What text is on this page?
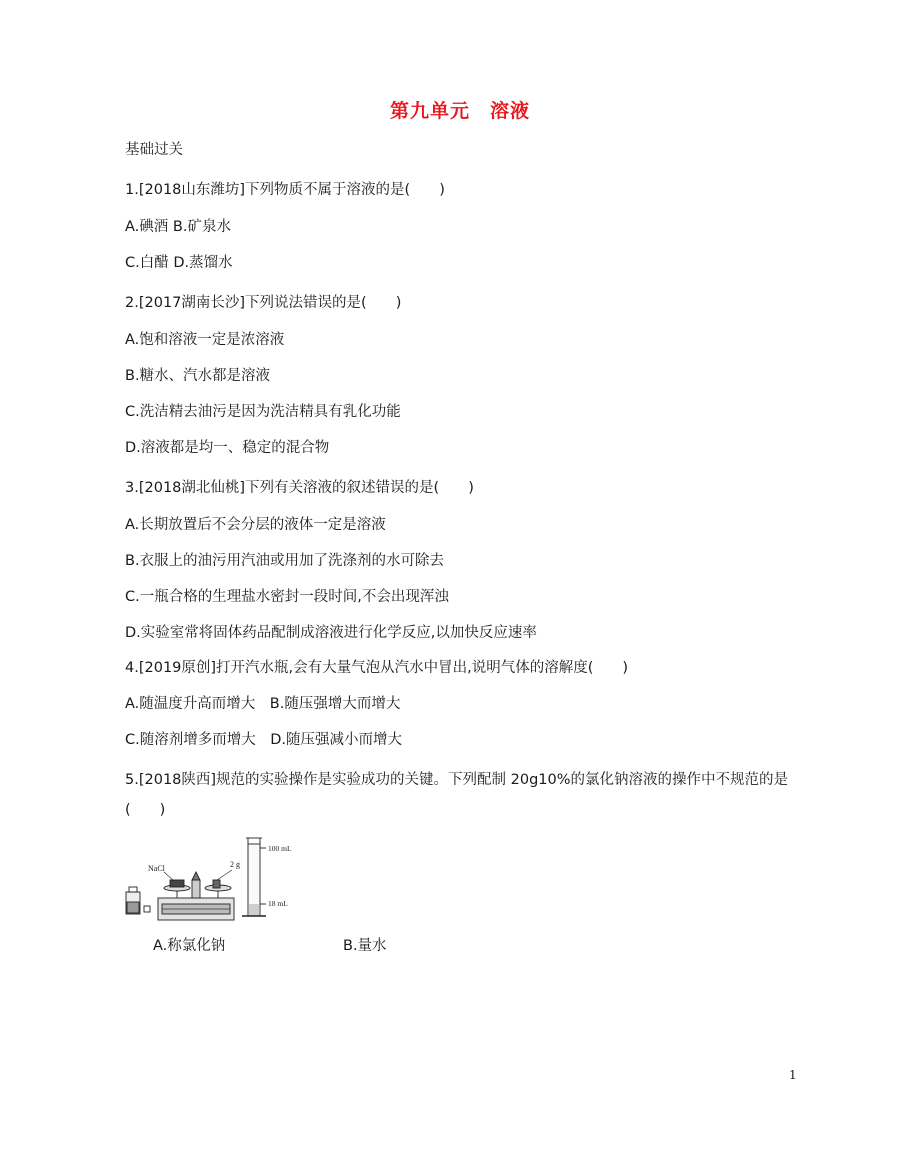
第九单元　溶液
基础过关
1.[2018山东潍坊]下列物质不属于溶液的是(　　)
A.碘酒 B.矿泉水
C.白醋 D.蒸馏水
2.[2017湖南长沙]下列说法错误的是(　　)
A.饱和溶液一定是浓溶液
B.糖水、汽水都是溶液
C.洗洁精去油污是因为洗洁精具有乳化功能
D.溶液都是均一、稳定的混合物
3.[2018湖北仙桃]下列有关溶液的叙述错误的是(　　)
A.长期放置后不会分层的液体一定是溶液
B.衣服上的油污用汽油或用加了洗涤剂的水可除去
C.一瓶合格的生理盐水密封一段时间,不会出现浑浊
D.实验室常将固体药品配制成溶液进行化学反应,以加快反应速率
4.[2019原创]打开汽水瓶,会有大量气泡从汽水中冒出,说明气体的溶解度(　　)
A.随温度升高而增大　B.随压强增大而增大
C.随溶剂增多而增大　D.随压强减小而增大
5.[2018陕西]规范的实验操作是实验成功的关键。下列配制 20g10%的氯化钠溶液的操作中不规范的是
(　　)
NaCl	2 g
100 mL
18 mL
A.称氯化钠	B.量水
1
